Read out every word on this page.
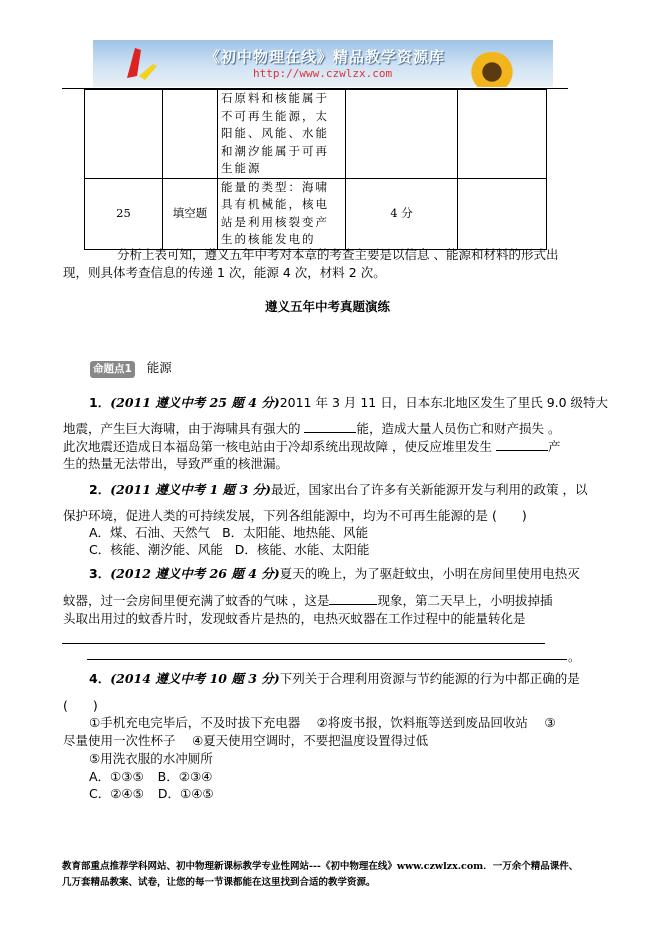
《初中物理在线》精品教学资源库
http://www.czwlzx.com

		石原料和核能属于不可再生能源，太阳能、风能、水能和潮汐能属于可再生能源		

25	填空题	能量的类型：海啸具有机械能，核电站是利用核裂变产生的核能发电的	4 分	
分析上表可知，遵义五年中考对本章的考查主要是以信息 、能源和材料的形式出
现，则具体考查信息的传递 1 次，能源 4 次，材料 2 次。
遵义五年中考真题演练
命题点1 能源
1．(2011 遵义中考 25 题 4 分)2011 年 3 月 11 日，日本东北地区发生了里氏 9.0 级特大
地震，产生巨大海啸，由于海啸具有强大的	能，造成大量人员伤亡和财产损失 。
此次地震还造成日本福岛第一核电站由于冷却系统出现故障 ，使反应堆里发生	产
生的热量无法带出，导致严重的核泄漏。
2．(2011 遵义中考 1 题 3 分)最近，国家出台了许多有关新能源开发与利用的政策 ，以
保护环境，促进人类的可持续发展，下列各组能源中，均为不可再生能源的是 (　　)
A．煤、石油、天然气 B．太阳能、地热能、风能
C．核能、潮汐能、风能 D．核能、水能、太阳能
3．(2012 遵义中考 26 题 4 分)夏天的晚上，为了驱赶蚊虫，小明在房间里使用电热灭
蚊器，过一会房间里便充满了蚊香的气味 ，这是	现象，第二天早上，小明拔掉插
头取出用过的蚊香片时，发现蚊香片是热的，电热灭蚊器在工作过程中的能量转化是
。
4．(2014 遵义中考 10 题 3 分)下列关于合理利用资源与节约能源的行为中都正确的是
(　　)
①手机充电完毕后，不及时拔下充电器　 ②将废书报，饮料瓶等送到废品回收站　 ③
尽量使用一次性杯子　 ④夏天使用空调时，不要把温度设置得过低
⑤用洗衣服的水冲厕所
A．①③⑤ B．②③④
C．②④⑤ D．①④⑤
教育部重点推荐学科网站、初中物理新课标教学专业性网站---《初中物理在线》www.czwlzx.com．一万余个精品课件、
几万套精品教案、试卷，让您的每一节课都能在这里找到合适的教学资源。
